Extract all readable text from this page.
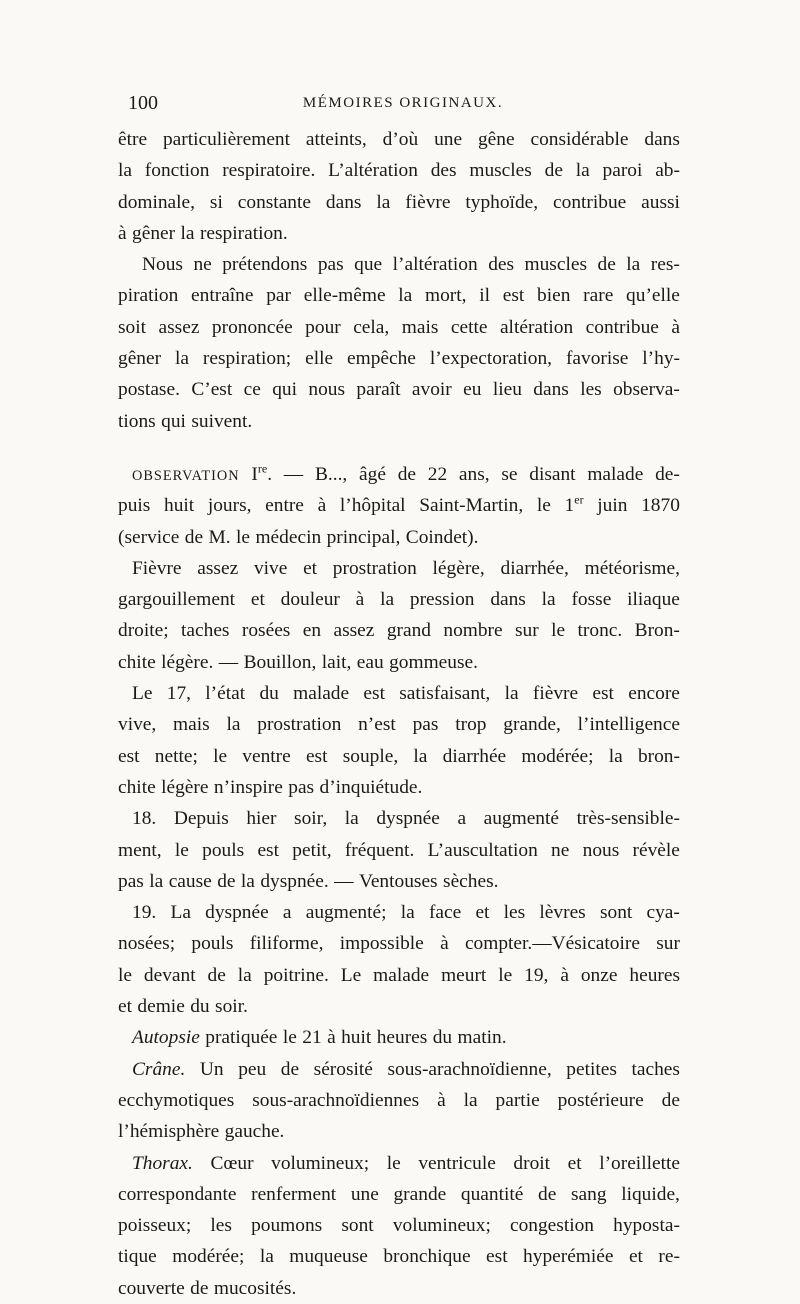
100	MÉMOIRES ORIGINAUX.
être particulièrement atteints, d’où une gêne considérable dans
la fonction respiratoire. L’altération des muscles de la paroi ab-
dominale, si constante dans la fièvre typhoïde, contribue aussi
à gêner la respiration.
Nous ne prétendons pas que l’altération des muscles de la res-
piration entraîne par elle-même la mort, il est bien rare qu’elle
soit assez prononcée pour cela, mais cette altération contribue à
gêner la respiration; elle empêche l’expectoration, favorise l’hy-
postase. C’est ce qui nous paraît avoir eu lieu dans les observa-
tions qui suivent.
OBSERVATION Ire. — B..., âgé de 22 ans, se disant malade de-
puis huit jours, entre à l’hôpital Saint-Martin, le 1er juin 1870
(service de M. le médecin principal, Coindet).
Fièvre assez vive et prostration légère, diarrhée, météorisme,
gargouillement et douleur à la pression dans la fosse iliaque
droite; taches rosées en assez grand nombre sur le tronc. Bron-
chite légère. — Bouillon, lait, eau gommeuse.
Le 17, l’état du malade est satisfaisant, la fièvre est encore
vive, mais la prostration n’est pas trop grande, l’intelligence
est nette; le ventre est souple, la diarrhée modérée; la bron-
chite légère n’inspire pas d’inquiétude.
18. Depuis hier soir, la dyspnée a augmenté très-sensible-
ment, le pouls est petit, fréquent. L’auscultation ne nous révèle
pas la cause de la dyspnée. — Ventouses sèches.
19. La dyspnée a augmenté; la face et les lèvres sont cya-
nosées; pouls filiforme, impossible à compter.—Vésicatoire sur
le devant de la poitrine. Le malade meurt le 19, à onze heures
et demie du soir.
Autopsie pratiquée le 21 à huit heures du matin.
Crâne. Un peu de sérosité sous-arachnoïdienne, petites taches
ecchymotiques sous-arachnoïdiennes à la partie postérieure de
l’hémisphère gauche.
Thorax. Cœur volumineux; le ventricule droit et l’oreillette
correspondante renferment une grande quantité de sang liquide,
poisseux; les poumons sont volumineux; congestion hyposta-
tique modérée; la muqueuse bronchique est hyperémiée et re-
couverte de mucosités.
